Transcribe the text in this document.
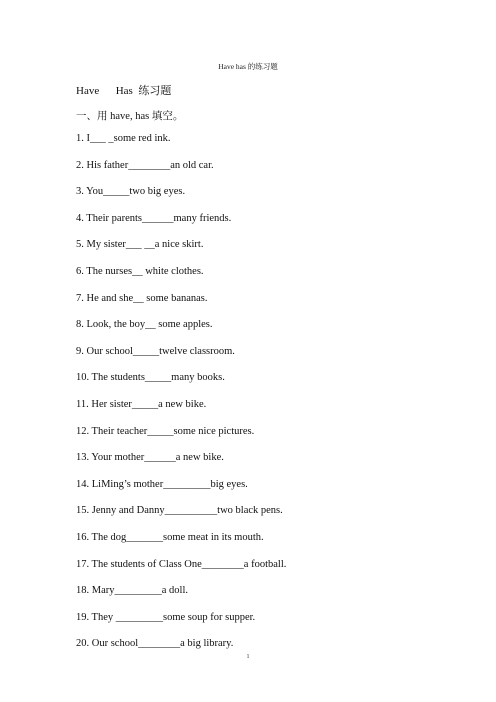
Have has 的练习题
Have Has  练习题
一、用 have, has 填空。
1. I___ _some red ink.
2. His father________an old car.
3. You_____two big eyes.
4. Their parents______many friends.
5. My sister___ __a nice skirt.
6. The nurses__ white clothes.
7. He and she__ some bananas.
8. Look, the boy__ some apples.
9. Our school_____twelve classroom.
10. The students_____many books.
11. Her sister_____a new bike.
12. Their teacher_____some nice pictures.
13. Your mother______a new bike.
14. LiMing’s mother_________big eyes.
15. Jenny and Danny__________two black pens.
16. The dog_______some meat in its mouth.
17. The students of Class One________a football.
18. Mary_________a doll.
19. They _________some soup for supper.
20. Our school________a big library.
1
